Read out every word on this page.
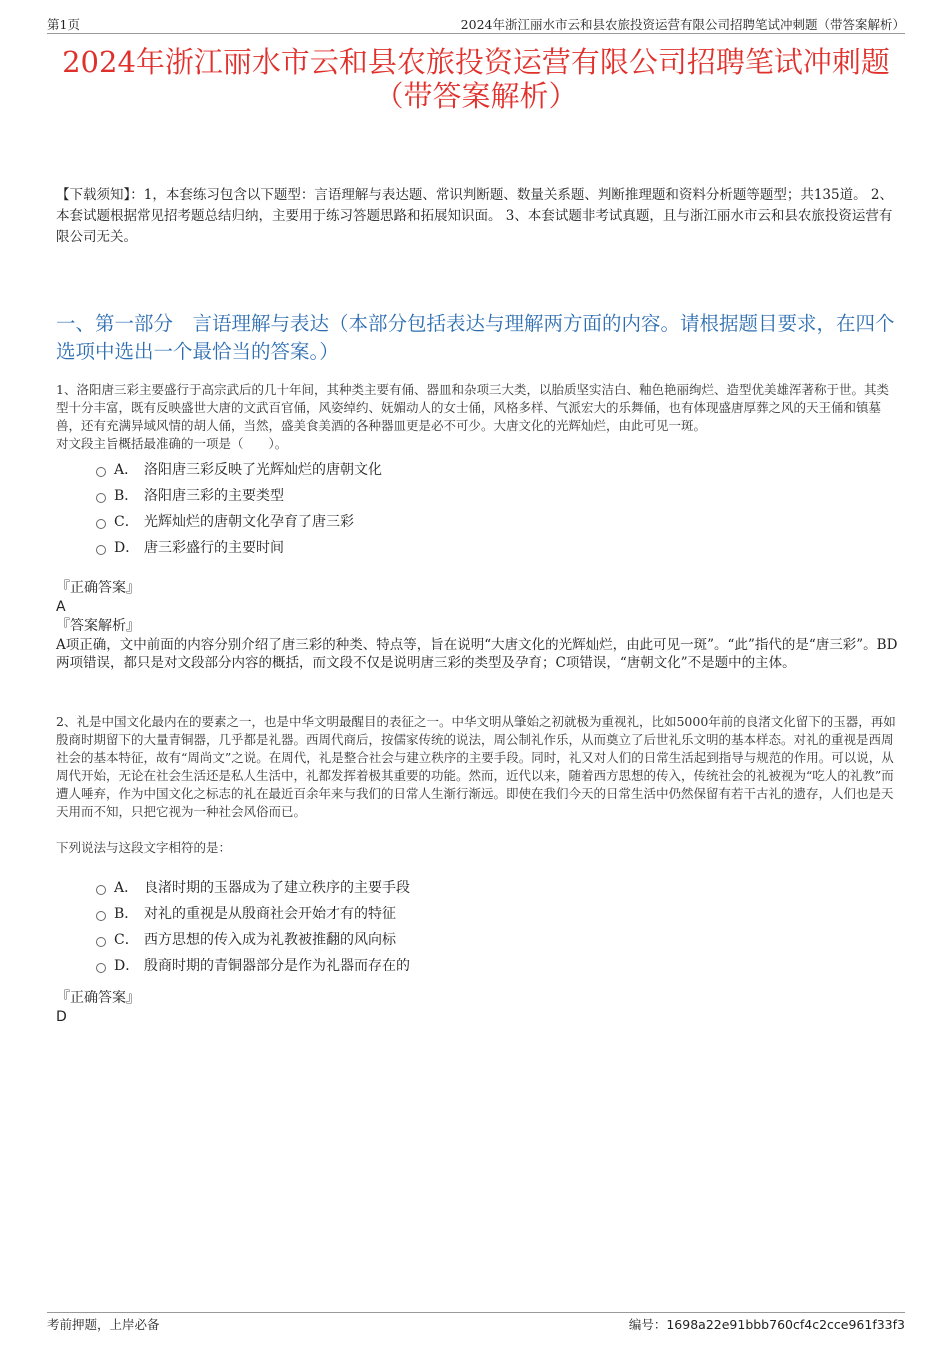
第1页	2024年浙江丽水市云和县农旅投资运营有限公司招聘笔试冲刺题（带答案解析）
2024年浙江丽水市云和县农旅投资运营有限公司招聘笔试冲刺题（带答案解析）

【下载须知】：1，本套练习包含以下题型：言语理解与表达题、常识判断题、数量关系题、判断推理题和资料分析题等题型；共135道。 2、本套试题根据常见招考题总结归纳，主要用于练习答题思路和拓展知识面。 3、本套试题非考试真题，且与浙江丽水市云和县农旅投资运营有限公司无关。

一、第一部分　言语理解与表达（本部分包括表达与理解两方面的内容。请根据题目要求，在四个选项中选出一个最恰当的答案。）

1、洛阳唐三彩主要盛行于高宗武后的几十年间，其种类主要有俑、器皿和杂项三大类，以胎质坚实洁白、釉色艳丽绚烂、造型优美雄浑著称于世。其类型十分丰富，既有反映盛世大唐的文武百官俑，风姿绰约、妩媚动人的女士俑，风格多样、气派宏大的乐舞俑，也有体现盛唐厚葬之风的天王俑和镇墓兽，还有充满异域风情的胡人俑，当然，盛美食美酒的各种器皿更是必不可少。大唐文化的光辉灿烂，由此可见一斑。

对文段主旨概括最准确的一项是（　　）。

A． 洛阳唐三彩反映了光辉灿烂的唐朝文化
B． 洛阳唐三彩的主要类型
C． 光辉灿烂的唐朝文化孕育了唐三彩
D． 唐三彩盛行的主要时间

『正确答案』

A

『答案解析』

A项正确，文中前面的内容分别介绍了唐三彩的种类、特点等，旨在说明“大唐文化的光辉灿烂，由此可见一斑”。“此”指代的是“唐三彩”。BD两项错误，都只是对文段部分内容的概括，而文段不仅是说明唐三彩的类型及孕育；C项错误，“唐朝文化”不是题中的主体。

2、礼是中国文化最内在的要素之一，也是中华文明最醒目的表征之一。中华文明从肇始之初就极为重视礼，比如5000年前的良渚文化留下的玉器，再如殷商时期留下的大量青铜器，几乎都是礼器。西周代商后，按儒家传统的说法，周公制礼作乐，从而奠立了后世礼乐文明的基本样态。对礼的重视是西周社会的基本特征，故有“周尚文”之说。在周代，礼是整合社会与建立秩序的主要手段。同时，礼又对人们的日常生活起到指导与规范的作用。可以说，从周代开始，无论在社会生活还是私人生活中，礼都发挥着极其重要的功能。然而，近代以来，随着西方思想的传入，传统社会的礼被视为“吃人的礼教”而遭人唾弃，作为中国文化之标志的礼在最近百余年来与我们的日常人生渐行渐远。即使在我们今天的日常生活中仍然保留有若干古礼的遗存，人们也是天天用而不知，只把它视为一种社会风俗而已。

下列说法与这段文字相符的是：

A． 良渚时期的玉器成为了建立秩序的主要手段
B． 对礼的重视是从殷商社会开始才有的特征
C． 西方思想的传入成为礼教被推翻的风向标
D． 殷商时期的青铜器部分是作为礼器而存在的

『正确答案』

D

考前押题，上岸必备	编号：1698a22e91bbb760cf4c2cce961f33f3
